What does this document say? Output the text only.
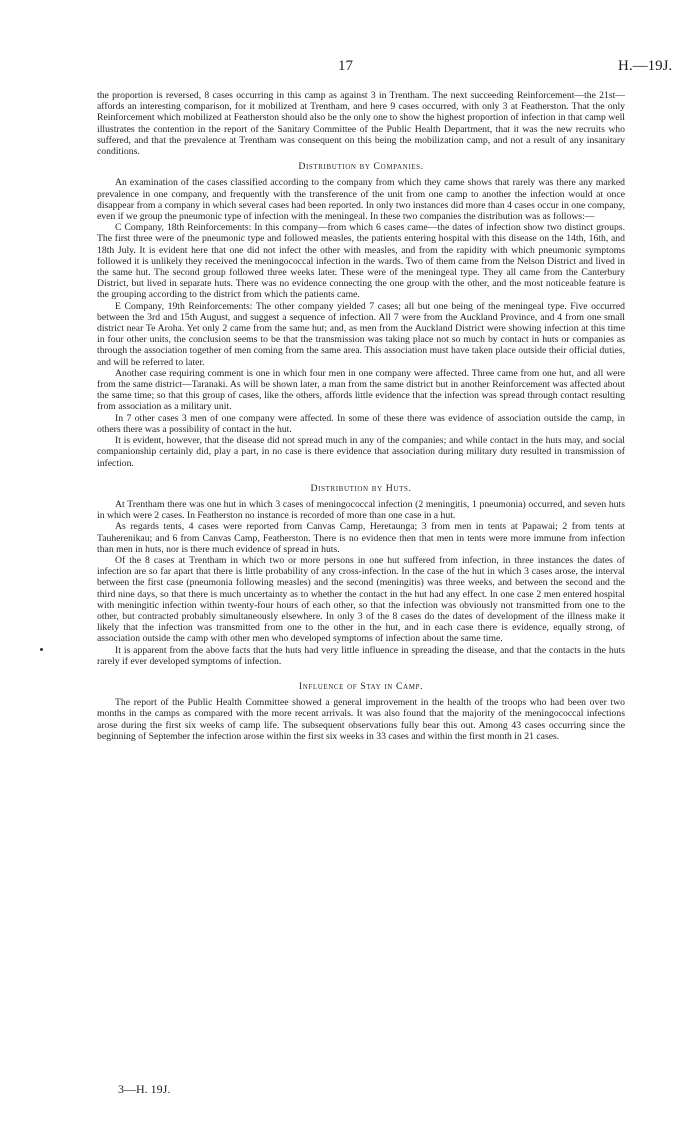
17	H.—19J.

the proportion is reversed, 8 cases occurring in this camp as against 3 in Trentham. The next succeeding Reinforcement—the 21st—affords an interesting comparison, for it mobilized at Trentham, and here 9 cases occurred, with only 3 at Featherston. That the only Reinforcement which mobilized at Featherston should also be the only one to show the highest proportion of infection in that camp well illustrates the contention in the report of the Sanitary Committee of the Public Health Department, that it was the new recruits who suffered, and that the prevalence at Trentham was consequent on this being the mobilization camp, and not a result of any insanitary conditions.

Distribution by Companies.

An examination of the cases classified according to the company from which they came shows that rarely was there any marked prevalence in one company, and frequently with the transference of the unit from one camp to another the infection would at once disappear from a company in which several cases had been reported. In only two instances did more than 4 cases occur in one company, even if we group the pneumonic type of infection with the meningeal. In these two companies the distribution was as follows:—

C Company, 18th Reinforcements: In this company—from which 6 cases came—the dates of infection show two distinct groups. The first three were of the pneumonic type and followed measles, the patients entering hospital with this disease on the 14th, 16th, and 18th July. It is evident here that one did not infect the other with measles, and from the rapidity with which pneumonic symptoms followed it is unlikely they received the meningococcal infection in the wards. Two of them came from the Nelson District and lived in the same hut. The second group followed three weeks later. These were of the meningeal type. They all came from the Canterbury District, but lived in separate huts. There was no evidence connecting the one group with the other, and the most noticeable feature is the grouping according to the district from which the patients came.

E Company, 19th Reinforcements: The other company yielded 7 cases; all but one being of the meningeal type. Five occurred between the 3rd and 15th August, and suggest a sequence of infection. All 7 were from the Auckland Province, and 4 from one small district near Te Aroha. Yet only 2 came from the same hut; and, as men from the Auckland District were showing infection at this time in four other units, the conclusion seems to be that the transmission was taking place not so much by contact in huts or companies as through the association together of men coming from the same area. This association must have taken place outside their official duties, and will be referred to later.

Another case requiring comment is one in which four men in one company were affected. Three came from one hut, and all were from the same district—Taranaki. As will be shown later, a man from the same district but in another Reinforcement was affected about the same time; so that this group of cases, like the others, affords little evidence that the infection was spread through contact resulting from association as a military unit.

In 7 other cases 3 men of one company were affected. In some of these there was evidence of association outside the camp, in others there was a possibility of contact in the hut.

It is evident, however, that the disease did not spread much in any of the companies; and while contact in the huts may, and social companionship certainly did, play a part, in no case is there evidence that association during military duty resulted in transmission of infection.

Distribution by Huts.

At Trentham there was one hut in which 3 cases of meningococcal infection (2 meningitis, 1 pneumonia) occurred, and seven huts in which were 2 cases. In Featherston no instance is recorded of more than one case in a hut.

As regards tents, 4 cases were reported from Canvas Camp, Heretaunga; 3 from men in tents at Papawai; 2 from tents at Tauherenikau; and 6 from Canvas Camp, Featherston. There is no evidence then that men in tents were more immune from infection than men in huts, nor is there much evidence of spread in huts.

Of the 8 cases at Trentham in which two or more persons in one hut suffered from infection, in three instances the dates of infection are so far apart that there is little probability of any cross-infection. In the case of the hut in which 3 cases arose, the interval between the first case (pneumonia following measles) and the second (meningitis) was three weeks, and between the second and the third nine days, so that there is much uncertainty as to whether the contact in the hut had any effect. In one case 2 men entered hospital with meningitic infection within twenty-four hours of each other, so that the infection was obviously not transmitted from one to the other, but contracted probably simultaneously elsewhere. In only 3 of the 8 cases do the dates of development of the illness make it likely that the infection was transmitted from one to the other in the hut, and in each case there is evidence, equally strong, of association outside the camp with other men who developed symptoms of infection about the same time.

It is apparent from the above facts that the huts had very little influence in spreading the disease, and that the contacts in the huts rarely if ever developed symptoms of infection.

Influence of Stay in Camp.

The report of the Public Health Committee showed a general improvement in the health of the troops who had been over two months in the camps as compared with the more recent arrivals. It was also found that the majority of the meningococcal infections arose during the first six weeks of camp life. The subsequent observations fully bear this out. Among 43 cases occurring since the beginning of September the infection arose within the first six weeks in 33 cases and within the first month in 21 cases.

3—H. 19J.
